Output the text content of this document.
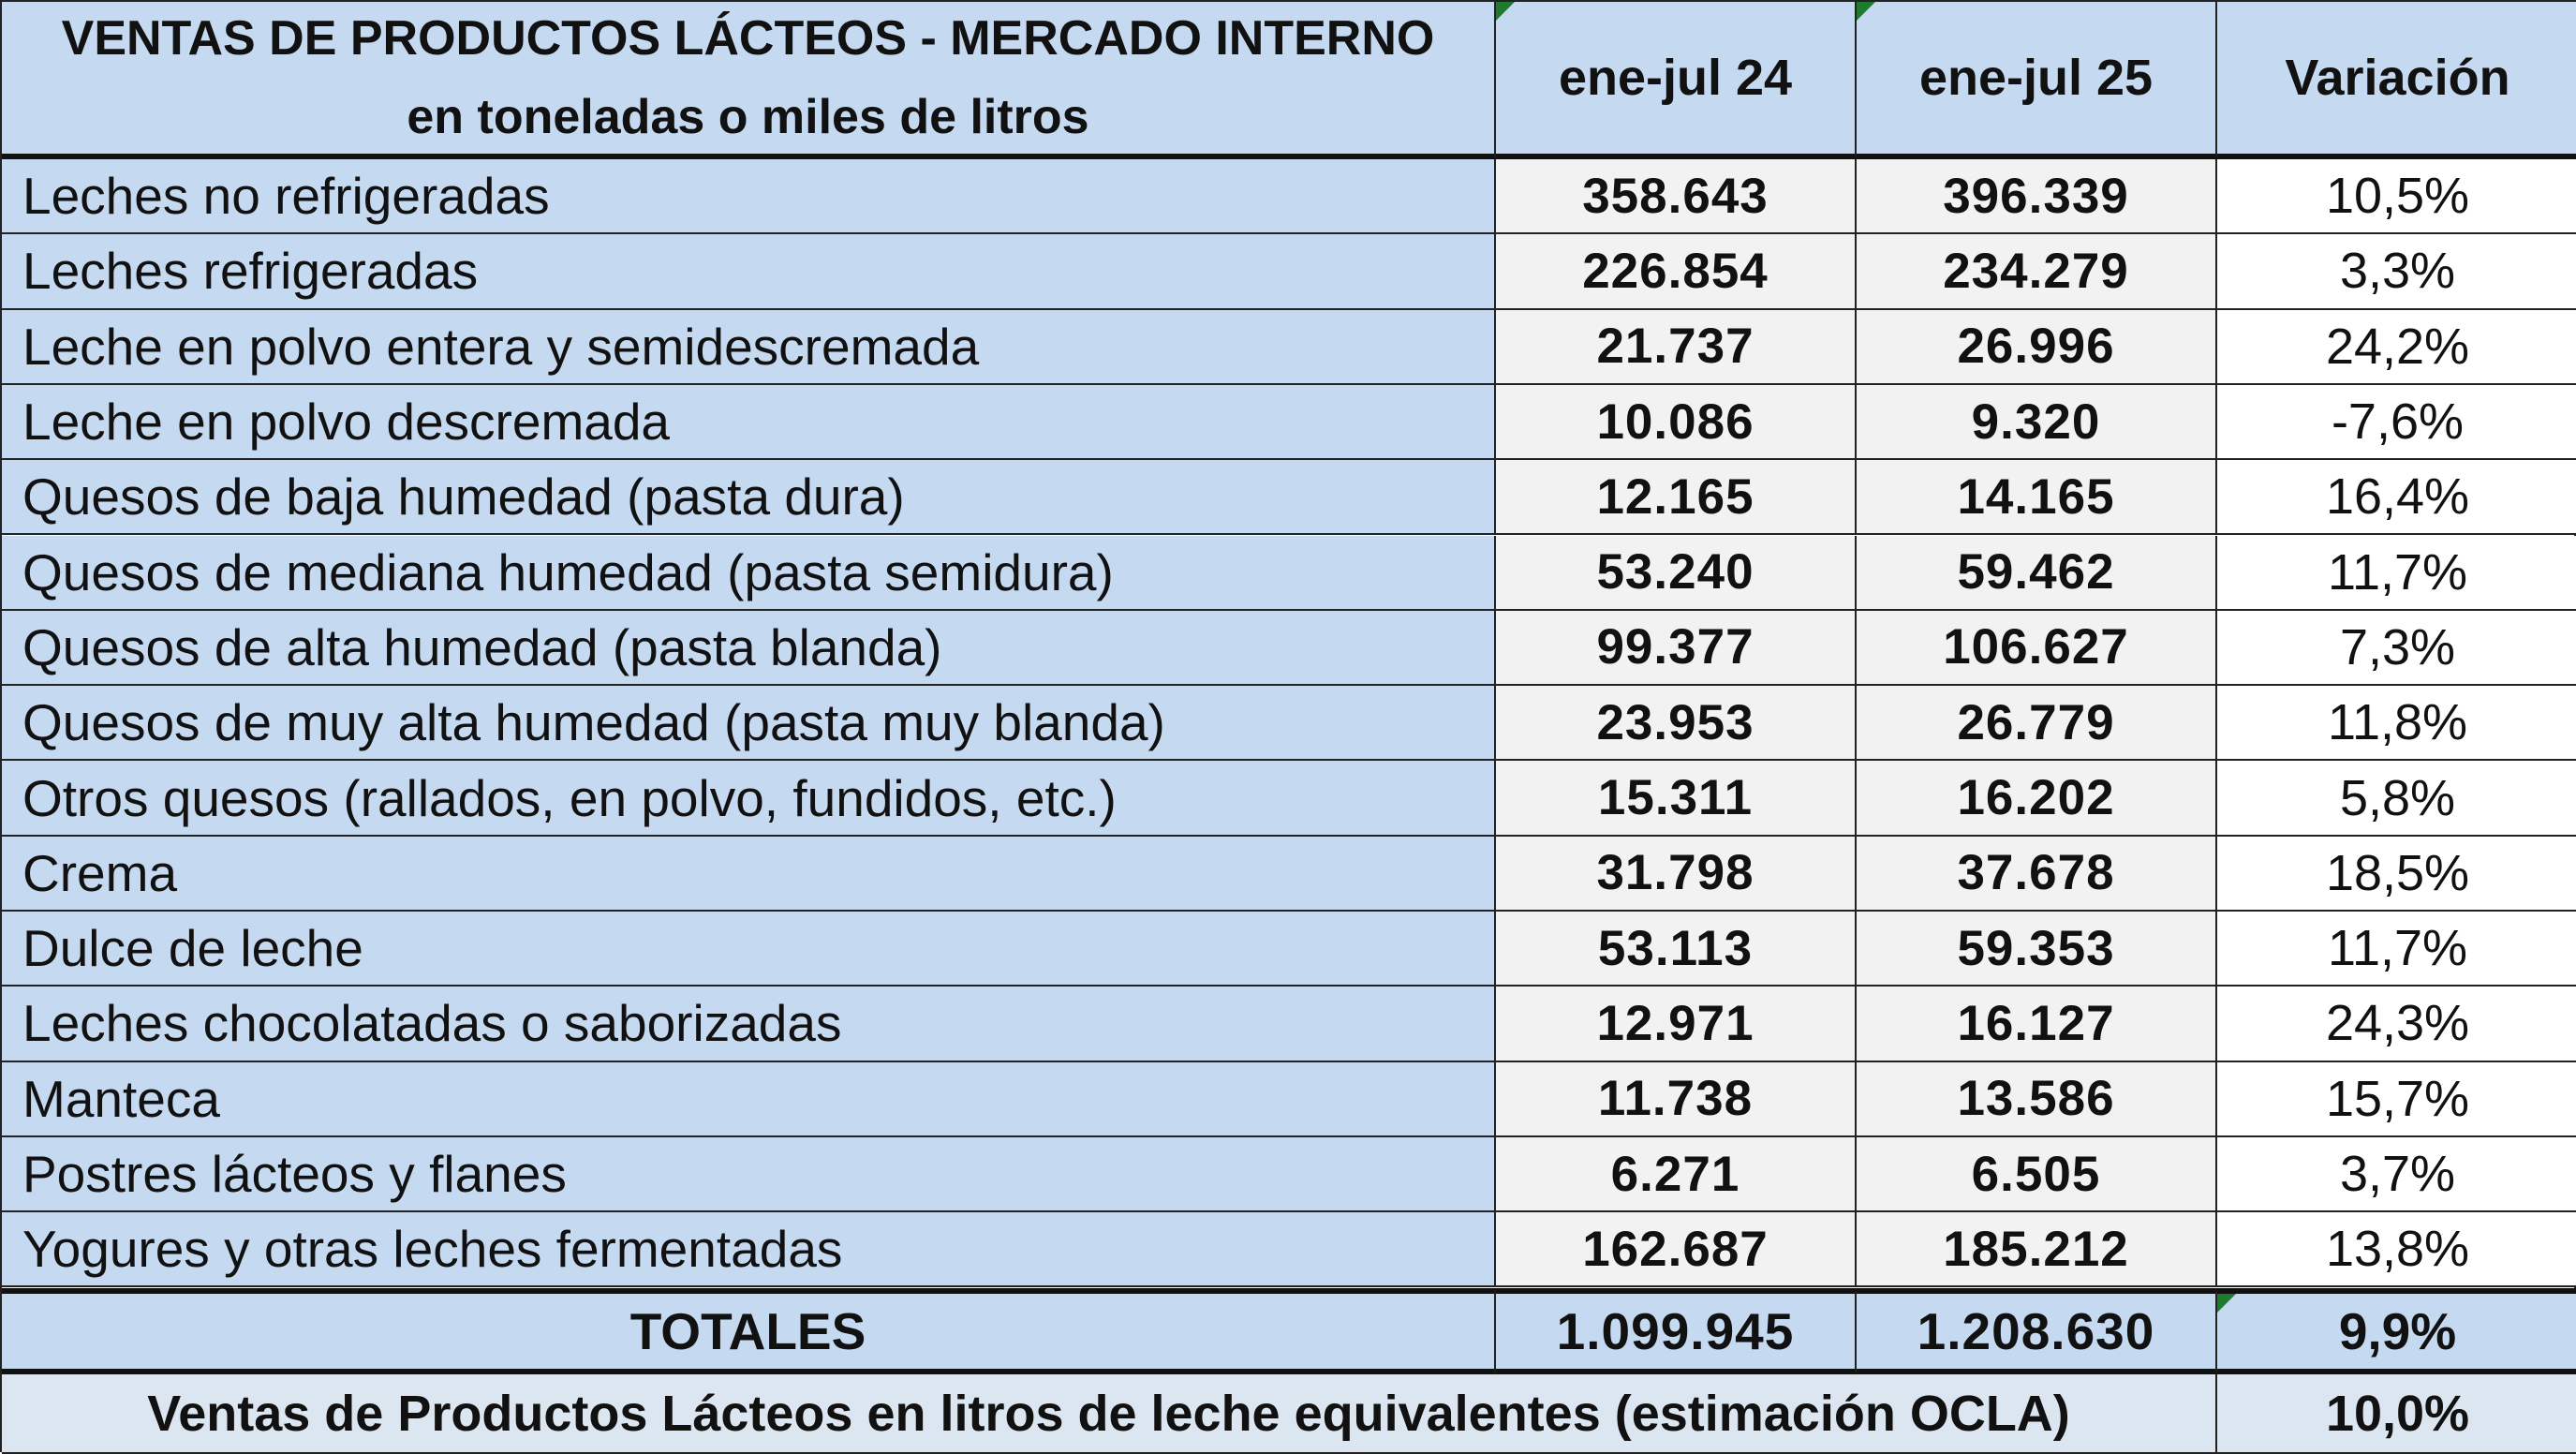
VENTAS DE PRODUCTOS LÁCTEOS - MERCADO INTERNO
en toneladas o miles de litros
ene-jul 24	ene-jul 25	Variación
Leches no refrigeradas	358.643	396.339	10,5%
Leches refrigeradas	226.854	234.279	3,3%
Leche en polvo entera y semidescremada	21.737	26.996	24,2%
Leche en polvo descremada	10.086	9.320	-7,6%
Quesos de baja humedad (pasta dura)	12.165	14.165	16,4%
Quesos de mediana humedad (pasta semidura)	53.240	59.462	11,7%
Quesos de alta humedad (pasta blanda)	99.377	106.627	7,3%
Quesos de muy alta humedad (pasta muy blanda)	23.953	26.779	11,8%
Otros quesos (rallados, en polvo, fundidos, etc.)	15.311	16.202	5,8%
Crema	31.798	37.678	18,5%
Dulce de leche	53.113	59.353	11,7%
Leches chocolatadas o saborizadas	12.971	16.127	24,3%
Manteca	11.738	13.586	15,7%
Postres lácteos y flanes	6.271	6.505	3,7%
Yogures y otras leches fermentadas	162.687	185.212	13,8%
TOTALES	1.099.945	1.208.630	9,9%
Ventas de Productos Lácteos en litros de leche equivalentes (estimación OCLA)	10,0%
